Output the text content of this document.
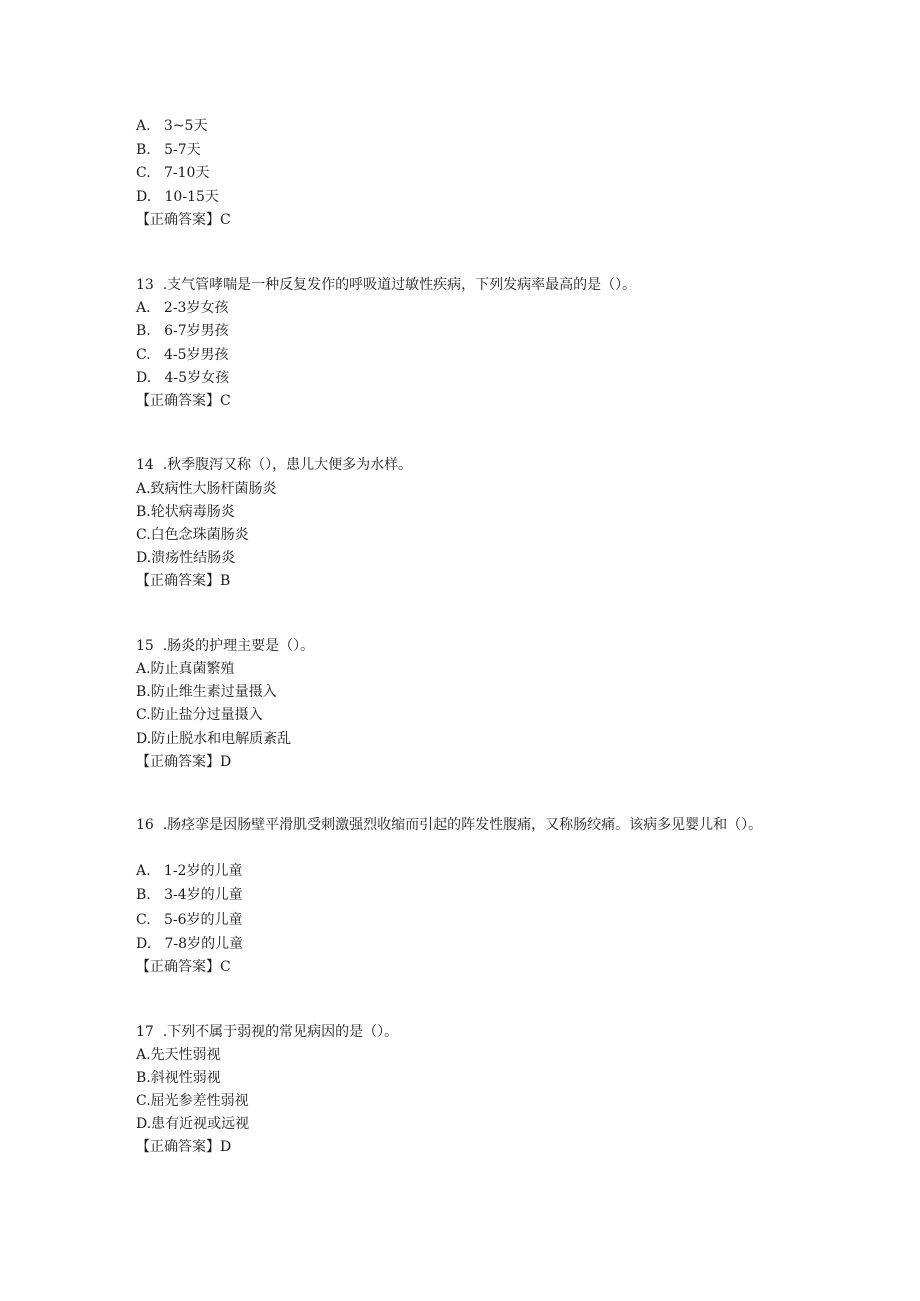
A.   3~5天
B.   5-7天
C.   7-10天
D.   10-15天
【正确答案】C
13  .支气管哮喘是一种反复发作的呼吸道过敏性疾病，下列发病率最高的是（）。
A.   2-3岁女孩
B.   6-7岁男孩
C.   4-5岁男孩
D.   4-5岁女孩
【正确答案】C
14  .秋季腹泻又称（），患儿大便多为水样。
A.致病性大肠杆菌肠炎
B.轮状病毒肠炎
C.白色念珠菌肠炎
D.溃疡性结肠炎
【正确答案】B
15  .肠炎的护理主要是（）。
A.防止真菌繁殖
B.防止维生素过量摄入
C.防止盐分过量摄入
D.防止脱水和电解质紊乱
【正确答案】D
16  .肠痉挛是因肠壁平滑肌受刺激强烈收缩而引起的阵发性腹痛，又称肠绞痛。该病多见婴儿和（）。
A.   1-2岁的儿童
B.   3-4岁的儿童
C.   5-6岁的儿童
D.   7-8岁的儿童
【正确答案】C
17  .下列不属于弱视的常见病因的是（）。
A.先天性弱视
B.斜视性弱视
C.屈光参差性弱视
D.患有近视或远视
【正确答案】D
